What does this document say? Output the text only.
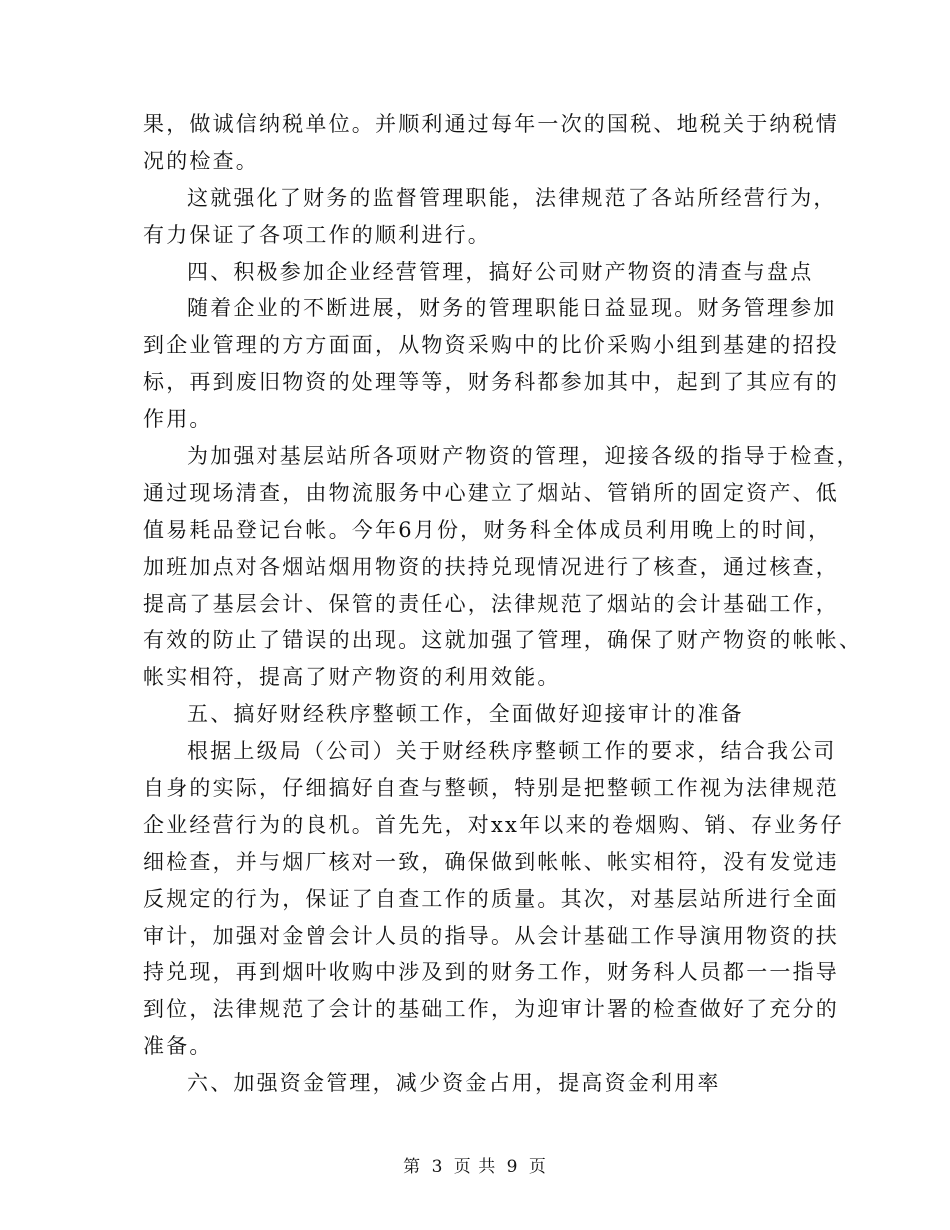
果，做诚信纳税单位。并顺利通过每年一次的国税、地税关于纳税情
况的检查。
这就强化了财务的监督管理职能，法律规范了各站所经营行为，
有力保证了各项工作的顺利进行。
四、积极参加企业经营管理，搞好公司财产物资的清查与盘点
随着企业的不断进展，财务的管理职能日益显现。财务管理参加
到企业管理的方方面面，从物资采购中的比价采购小组到基建的招投
标，再到废旧物资的处理等等，财务科都参加其中，起到了其应有的
作用。
为加强对基层站所各项财产物资的管理，迎接各级的指导于检查，
通过现场清查，由物流服务中心建立了烟站、管销所的固定资产、低
值易耗品登记台帐。今年6月份，财务科全体成员利用晚上的时间，
加班加点对各烟站烟用物资的扶持兑现情况进行了核查，通过核查，
提高了基层会计、保管的责任心，法律规范了烟站的会计基础工作，
有效的防止了错误的出现。这就加强了管理，确保了财产物资的帐帐、
帐实相符，提高了财产物资的利用效能。
五、搞好财经秩序整顿工作，全面做好迎接审计的准备
根据上级局（公司）关于财经秩序整顿工作的要求，结合我公司
自身的实际，仔细搞好自查与整顿，特别是把整顿工作视为法律规范
企业经营行为的良机。首先先，对xx年以来的卷烟购、销、存业务仔
细检查，并与烟厂核对一致，确保做到帐帐、帐实相符，没有发觉违
反规定的行为，保证了自查工作的质量。其次，对基层站所进行全面
审计，加强对金曾会计人员的指导。从会计基础工作导演用物资的扶
持兑现，再到烟叶收购中涉及到的财务工作，财务科人员都一一指导
到位，法律规范了会计的基础工作，为迎审计署的检查做好了充分的
准备。
六、加强资金管理，减少资金占用，提高资金利用率
第 3 页 共 9 页
